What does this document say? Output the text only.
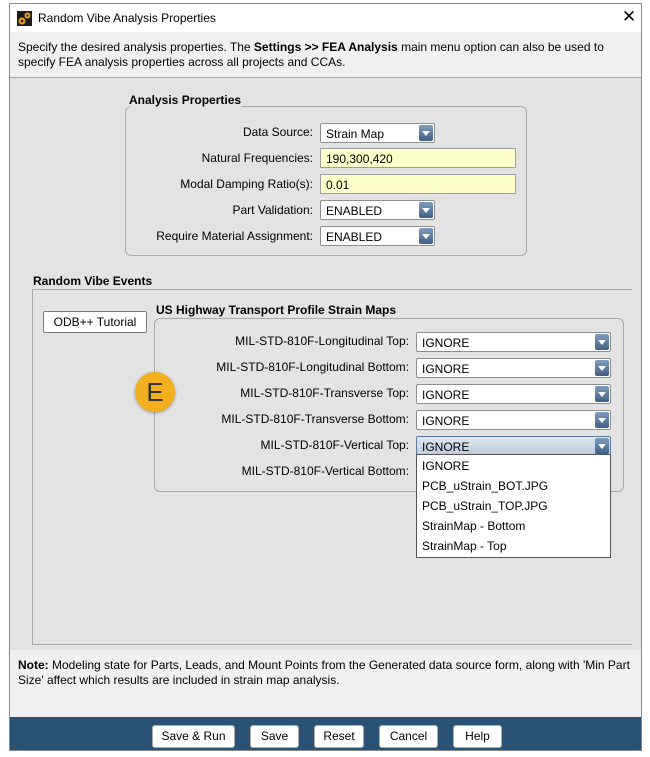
Random Vibe Analysis Properties	✕
Specify the desired analysis properties. The Settings >> FEA Analysis main menu option can also be used to specify FEA analysis properties across all projects and CCAs.
Analysis Properties
Data Source: Strain Map
Natural Frequencies: 190,300,420
Modal Damping Ratio(s): 0.01
Part Validation: ENABLED
Require Material Assignment: ENABLED
Random Vibe Events
ODB++ Tutorial
US Highway Transport Profile Strain Maps
MIL-STD-810F-Longitudinal Top: IGNORE
MIL-STD-810F-Longitudinal Bottom: IGNORE
MIL-STD-810F-Transverse Top: IGNORE
MIL-STD-810F-Transverse Bottom: IGNORE
MIL-STD-810F-Vertical Top: IGNORE
MIL-STD-810F-Vertical Bottom:	IGNORE
PCB_uStrain_BOT.JPG
PCB_uStrain_TOP.JPG
StrainMap - Bottom
StrainMap - Top
E
Note: Modeling state for Parts, Leads, and Mount Points from the Generated data source form, along with 'Min Part Size' affect which results are included in strain map analysis.
Save & Run	Save	Reset	Cancel	Help
